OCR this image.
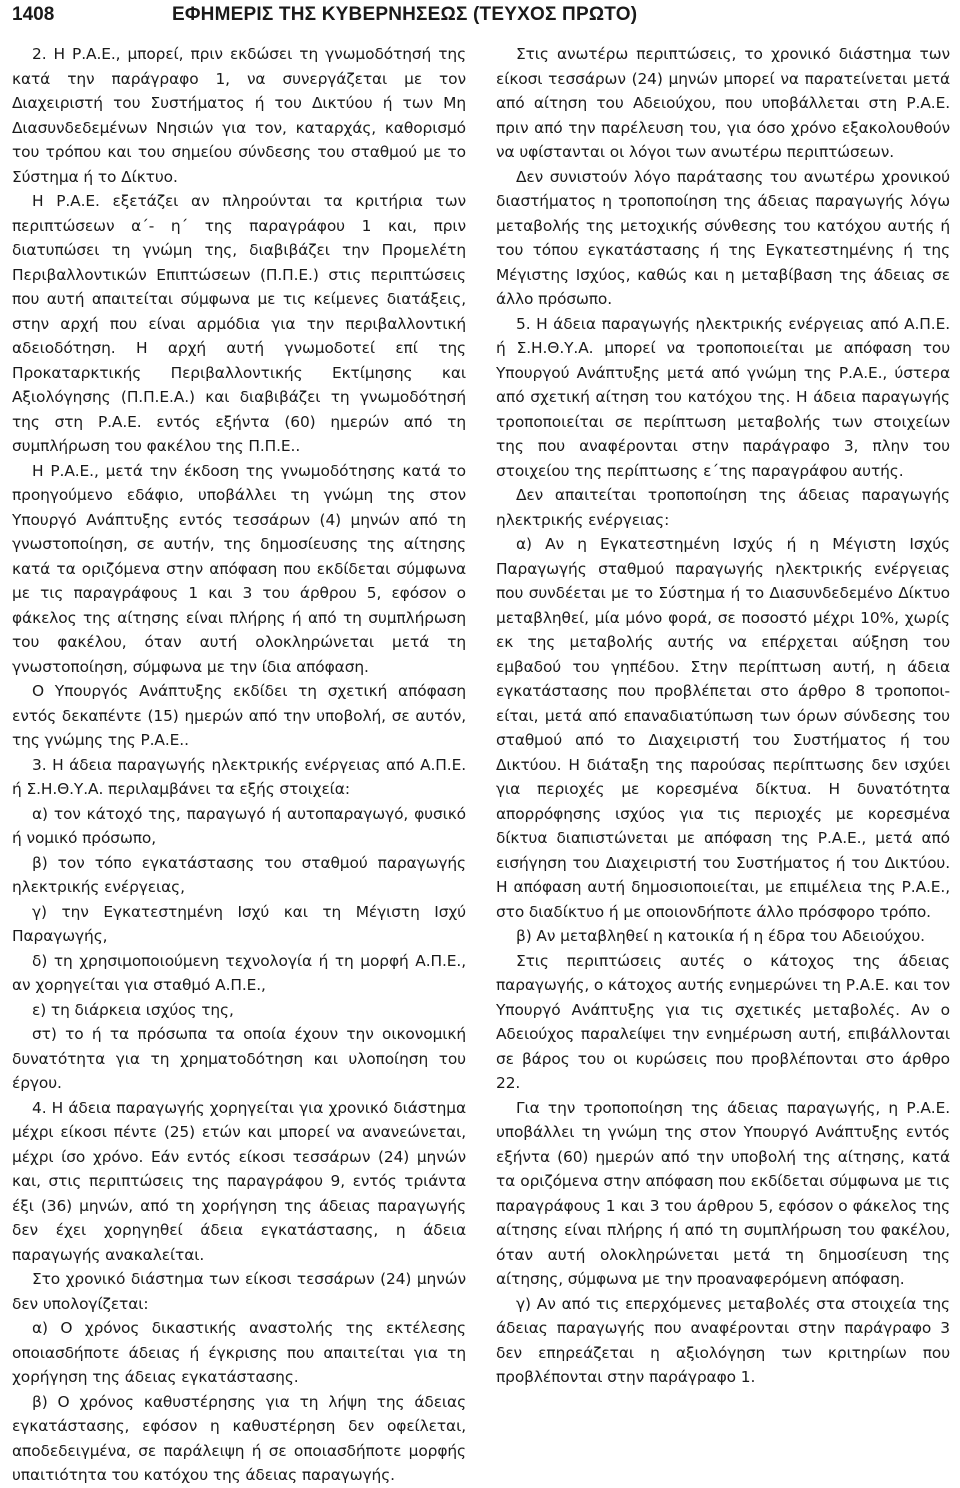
1408	ΕΦΗΜΕΡΙΣ ΤΗΣ ΚΥΒΕΡΝΗΣΕΩΣ (ΤΕΥΧΟΣ ΠΡΩΤΟ)

2. Η Ρ.Α.Ε., μπορεί, πριν εκδώσει τη γνωμοδότησή της κατά την παράγραφο 1, να συνεργάζεται με τον Διαχειριστή του Συστήματος ή του Δικτύου ή των Μη Διασυνδεδεμένων Νησιών για τον, καταρχάς, καθορισμό του τρόπου και του σημείου σύνδεσης του σταθμού με το Σύστημα ή το Δίκτυο.

Η Ρ.Α.Ε. εξετάζει αν πληρούνται τα κριτήρια των περιπτώσεων α΄- η΄ της παραγράφου 1 και, πριν διατυπώσει τη γνώμη της, διαβιβάζει την Προμελέτη Περιβαλλοντικών Επιπτώσεων (Π.Π.Ε.) στις περιπτώσεις που αυτή απαιτείται σύμφωνα με τις κείμενες διατάξεις, στην αρχή που είναι αρμόδια για την περιβαλλοντική αδειοδότηση. Η αρχή αυτή γνωμοδοτεί επί της Προκαταρκτικής Περιβαλλοντικής Εκτίμησης και Αξιολόγησης (Π.Π.Ε.Α.) και διαβιβάζει τη γνωμοδότησή της στη Ρ.Α.Ε. εντός εξήντα (60) ημερών από τη συμπλήρωση του φακέλου της Π.Π.Ε..

Η Ρ.Α.Ε., μετά την έκδοση της γνωμοδότησης κατά το προηγούμενο εδάφιο, υποβάλλει τη γνώμη της στον Υπουργό Ανάπτυξης εντός τεσσάρων (4) μηνών από τη γνωστοποίηση, σε αυτήν, της δημοσίευσης της αίτησης κατά τα οριζόμενα στην απόφαση που εκδίδεται σύμφωνα με τις παραγράφους 1 και 3 του άρθρου 5, εφόσον ο φάκελος της αίτησης είναι πλήρης ή από τη συμπλήρωση του φακέλου, όταν αυτή ολοκληρώνεται μετά τη γνωστοποίηση, σύμφωνα με την ίδια απόφαση.

Ο Υπουργός Ανάπτυξης εκδίδει τη σχετική απόφαση εντός δεκαπέντε (15) ημερών από την υποβολή, σε αυτόν, της γνώμης της Ρ.Α.Ε..

3. Η άδεια παραγωγής ηλεκτρικής ενέργειας από Α.Π.Ε. ή Σ.Η.Θ.Υ.Α. περιλαμβάνει τα εξής στοιχεία:

α) τον κάτοχό της, παραγωγό ή αυτοπαραγωγό, φυσικό ή νομικό πρόσωπο,

β) τον τόπο εγκατάστασης του σταθμού παραγωγής ηλεκτρικής ενέργειας,

γ) την Εγκατεστημένη Ισχύ και τη Μέγιστη Ισχύ Παραγωγής,

δ) τη χρησιμοποιούμενη τεχνολογία ή τη μορφή Α.Π.Ε., αν χορηγείται για σταθμό Α.Π.Ε.,

ε) τη διάρκεια ισχύος της,

στ) το ή τα πρόσωπα τα οποία έχουν την οικονομική δυνατότητα για τη χρηματοδότηση και υλοποίηση του έργου.

4. Η άδεια παραγωγής χορηγείται για χρονικό διάστημα μέχρι είκοσι πέντε (25) ετών και μπορεί να ανανεώνεται, μέχρι ίσο χρόνο. Εάν εντός είκοσι τεσσάρων (24) μηνών και, στις περιπτώσεις της παραγράφου 9, εντός τριάντα έξι (36) μηνών, από τη χορήγηση της άδειας παραγωγής δεν έχει χορηγηθεί άδεια εγκατάστασης, η άδεια παραγωγής ανακαλείται.

Στο χρονικό διάστημα των είκοσι τεσσάρων (24) μηνών δεν υπολογίζεται:

α) Ο χρόνος δικαστικής αναστολής της εκτέλεσης οποιασδήποτε άδειας ή έγκρισης που απαιτείται για τη χορήγηση της άδειας εγκατάστασης.

β) Ο χρόνος καθυστέρησης για τη λήψη της άδειας εγκατάστασης, εφόσον η καθυστέρηση δεν οφείλεται, αποδεδειγμένα, σε παράλειψη ή σε οποιασδήποτε μορφής υπαιτιότητα του κατόχου της άδειας παραγωγής.

Στις ανωτέρω περιπτώσεις, το χρονικό διάστημα των είκοσι τεσσάρων (24) μηνών μπορεί να παρατείνεται μετά από αίτηση του Αδειούχου, που υποβάλλεται στη Ρ.Α.Ε. πριν από την παρέλευση του, για όσο χρόνο εξακολουθούν να υφίστανται οι λόγοι των ανωτέρω περιπτώσεων.

Δεν συνιστούν λόγο παράτασης του ανωτέρω χρονικού διαστήματος η τροποποίηση της άδειας παραγωγής λόγω μεταβολής της μετοχικής σύνθεσης του κατόχου αυτής ή του τόπου εγκατάστασης ή της Εγκατεστημένης ή της Μέγιστης Ισχύος, καθώς και η μεταβίβαση της άδειας σε άλλο πρόσωπο.

5. Η άδεια παραγωγής ηλεκτρικής ενέργειας από Α.Π.Ε. ή Σ.Η.Θ.Υ.Α. μπορεί να τροποποιείται με απόφαση του Υπουργού Ανάπτυξης μετά από γνώμη της Ρ.Α.Ε., ύστερα από σχετική αίτηση του κατόχου της. Η άδεια παραγωγής τροποποιείται σε περίπτωση μεταβολής των στοιχείων της που αναφέρονται στην παράγραφο 3, πλην του στοιχείου της περίπτωσης ε΄της παραγράφου αυτής.

Δεν απαιτείται τροποποίηση της άδειας παραγωγής ηλεκτρικής ενέργειας:

α) Αν η Εγκατεστημένη Ισχύς ή η Μέγιστη Ισχύς Παραγωγής σταθμού παραγωγής ηλεκτρικής ενέργειας που συνδέεται με το Σύστημα ή το Διασυνδεδεμένο Δίκτυο μεταβληθεί, μία μόνο φορά, σε ποσοστό μέχρι 10%, χωρίς εκ της μεταβολής αυτής να επέρχεται αύξηση του εμβαδού του γηπέδου. Στην περίπτωση αυτή, η άδεια εγκατάστασης που προβλέπεται στο άρθρο 8 τροποποι-είται, μετά από επαναδιατύπωση των όρων σύνδεσης του σταθμού από το Διαχειριστή του Συστήματος ή του Δικτύου. Η διάταξη της παρούσας περίπτωσης δεν ισχύει για περιοχές με κορεσμένα δίκτυα. Η δυνατότητα απορρόφησης ισχύος για τις περιοχές με κορεσμένα δίκτυα διαπιστώνεται με απόφαση της Ρ.Α.Ε., μετά από εισήγηση του Διαχειριστή του Συστήματος ή του Δικτύου. Η απόφαση αυτή δημοσιοποιείται, με επιμέλεια της Ρ.Α.Ε., στο διαδίκτυο ή με οποιονδήποτε άλλο πρόσφορο τρόπο.

β) Αν μεταβληθεί η κατοικία ή η έδρα του Αδειούχου.

Στις περιπτώσεις αυτές ο κάτοχος της άδειας παραγωγής, ο κάτοχος αυτής ενημερώνει τη Ρ.Α.Ε. και τον Υπουργό Ανάπτυξης για τις σχετικές μεταβολές. Αν ο Αδειούχος παραλείψει την ενημέρωση αυτή, επιβάλλονται σε βάρος του οι κυρώσεις που προβλέπονται στο άρθρο 22.

Για την τροποποίηση της άδειας παραγωγής, η Ρ.Α.Ε. υποβάλλει τη γνώμη της στον Υπουργό Ανάπτυξης εντός εξήντα (60) ημερών από την υποβολή της αίτησης, κατά τα οριζόμενα στην απόφαση που εκδίδεται σύμφωνα με τις παραγράφους 1 και 3 του άρθρου 5, εφόσον ο φάκελος της αίτησης είναι πλήρης ή από τη συμπλήρωση του φακέλου, όταν αυτή ολοκληρώνεται μετά τη δημοσίευση της αίτησης, σύμφωνα με την προαναφερόμενη απόφαση.

γ) Αν από τις επερχόμενες μεταβολές στα στοιχεία της άδειας παραγωγής που αναφέρονται στην παράγραφο 3 δεν επηρεάζεται η αξιολόγηση των κριτηρίων που προβλέπονται στην παράγραφο 1.
